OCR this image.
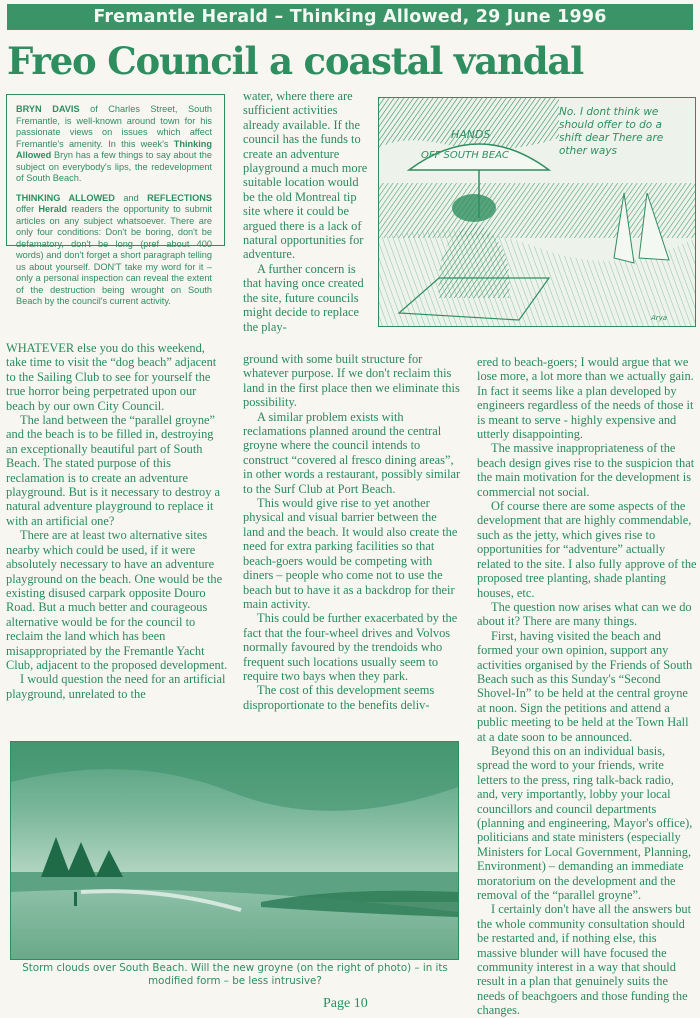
Fremantle Herald – Thinking Allowed, 29 June 1996
Freo Council a coastal vandal

BRYN DAVIS of Charles Street, South Fremantle, is well-known around town for his passionate views on issues which affect Fremantle's amenity. In this week's Thinking Allowed Bryn has a few things to say about the subject on everybody's lips, the redevelopment of South Beach.

THINKING ALLOWED and REFLECTIONS offer Herald readers the opportunity to submit articles on any subject whatsoever. There are only four conditions: Don't be boring, don't be defamatory, don't be long (pref about 400 words) and don't forget a short paragraph telling us about yourself. DON'T take my word for it – only a personal inspection can reveal the extent of the destruction being wrought on South Beach by the council's current activity.

WHATEVER else you do this weekend, take time to visit the “dog beach” adjacent to the Sailing Club to see for yourself the true horror being perpetrated upon our beach by our own City Council.

The land between the “parallel groyne” and the beach is to be filled in, destroying an exceptionally beautiful part of South Beach. The stated purpose of this reclamation is to create an adventure playground. But is it necessary to destroy a natural adventure playground to replace it with an artificial one?

There are at least two alternative sites nearby which could be used, if it were absolutely necessary to have an adventure playground on the beach. One would be the existing disused carpark opposite Douro Road. But a much better and courageous alternative would be for the council to reclaim the land which has been misappropriated by the Fremantle Yacht Club, adjacent to the proposed development.

I would question the need for an artificial playground, unrelated to the

water, where there are sufficient activities already available. If the council has the funds to create an adventure playground a much more suitable location would be the old Montreal tip site where it could be argued there is a lack of natural opportunities for adventure.

A further concern is that having once created the site, future councils might decide to replace the play-

ground with some built structure for whatever purpose. If we don't reclaim this land in the first place then we eliminate this possibility.

A similar problem exists with reclamations planned around the central groyne where the council intends to construct “covered al fresco dining areas”, in other words a restaurant, possibly similar to the Surf Club at Port Beach.

This would give rise to yet another physical and visual barrier between the land and the beach. It would also create the need for extra parking facilities so that beach-goers would be competing with diners – people who come not to use the beach but to have it as a backdrop for their main activity.

This could be further exacerbated by the fact that the four-wheel drives and Volvos normally favoured by the trendoids who frequent such locations usually seem to require two bays when they park.

The cost of this development seems disproportionate to the benefits deliv-

ered to beach-goers; I would argue that we lose more, a lot more than we actually gain. In fact it seems like a plan developed by engineers regardless of the needs of those it is meant to serve - highly expensive and utterly disappointing.

The massive inappropriateness of the beach design gives rise to the suspicion that the main motivation for the development is commercial not social.

Of course there are some aspects of the development that are highly commendable, such as the jetty, which gives rise to opportunities for “adventure” actually related to the site. I also fully approve of the proposed tree planting, shade planting houses, etc.

The question now arises what can we do about it? There are many things.

First, having visited the beach and formed your own opinion, support any activities organised by the Friends of South Beach such as this Sunday's “Second Shovel-In” to be held at the central groyne at noon. Sign the petitions and attend a public meeting to be held at the Town Hall at a date soon to be announced.

Beyond this on an individual basis, spread the word to your friends, write letters to the press, ring talk-back radio, and, very importantly, lobby your local councillors and council departments (planning and engineering, Mayor's office), politicians and state ministers (especially Ministers for Local Government, Planning, Environment) – demanding an immediate moratorium on the development and the removal of the “parallel groyne”.

I certainly don't have all the answers but the whole community consultation should be restarted and, if nothing else, this massive blunder will have focused the community interest in a way that should result in a plan that genuinely suits the needs of beachgoers and those funding the changes.

HANDS
OFF SOUTH BEAC
Arya
No. I dont think we should offer to do a shift dear There are other ways
Storm clouds over South Beach. Will the new groyne (on the right of photo) – in its modified form – be less intrusive?
Page 10
